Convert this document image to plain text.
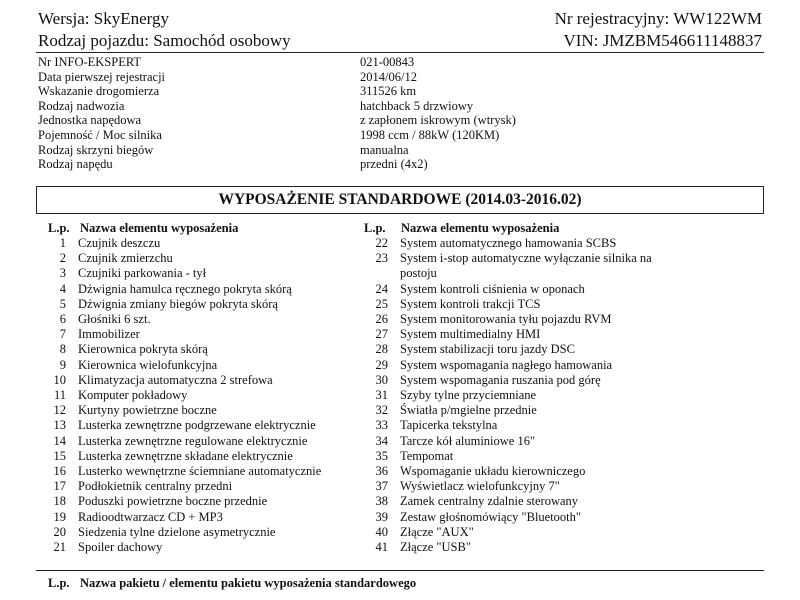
Wersja: SkyEnergy
Rodzaj pojazdu: Samochód osobowy
Nr rejestracyjny: WW122WM
VIN: JMZBM546611148837
Nr INFO-EKSPERT	021-00843
Data pierwszej rejestracji	2014/06/12
Wskazanie drogomierza	311526 km
Rodzaj nadwozia	hatchback 5 drzwiowy
Jednostka napędowa	z zapłonem iskrowym (wtrysk)
Pojemność / Moc silnika	1998 ccm / 88kW (120KM)
Rodzaj skrzyni biegów	manualna
Rodzaj napędu	przedni (4x2)
WYPOSAŻENIE STANDARDOWE (2014.03-2016.02)
L.p. Nazwa elementu wyposażenia	L.p. Nazwa elementu wyposażenia
1 Czujnik deszczu
2 Czujnik zmierzchu
3 Czujniki parkowania - tył
4 Dźwignia hamulca ręcznego pokryta skórą
5 Dźwignia zmiany biegów pokryta skórą
6 Głośniki 6 szt.
7 Immobilizer
8 Kierownica pokryta skórą
9 Kierownica wielofunkcyjna
10 Klimatyzacja automatyczna 2 strefowa
11 Komputer pokładowy
12 Kurtyny powietrzne boczne
13 Lusterka zewnętrzne podgrzewane elektrycznie
14 Lusterka zewnętrzne regulowane elektrycznie
15 Lusterka zewnętrzne składane elektrycznie
16 Lusterko wewnętrzne ściemniane automatycznie
17 Podłokietnik centralny przedni
18 Poduszki powietrzne boczne przednie
19 Radioodtwarzacz CD + MP3
20 Siedzenia tylne dzielone asymetrycznie
21 Spoiler dachowy
22 System automatycznego hamowania SCBS
23 System i-stop automatyczne wyłączanie silnika na postoju
24 System kontroli ciśnienia w oponach
25 System kontroli trakcji TCS
26 System monitorowania tyłu pojazdu RVM
27 System multimedialny HMI
28 System stabilizacji toru jazdy DSC
29 System wspomagania nagłego hamowania
30 System wspomagania ruszania pod górę
31 Szyby tylne przyciemniane
32 Światła p/mgielne przednie
33 Tapicerka tekstylna
34 Tarcze kół aluminiowe 16"
35 Tempomat
36 Wspomaganie układu kierowniczego
37 Wyświetlacz wielofunkcyjny 7"
38 Zamek centralny zdalnie sterowany
39 Zestaw głośnomówiący "Bluetooth"
40 Złącze "AUX"
41 Złącze "USB"
L.p. Nazwa pakietu / elementu pakietu wyposażenia standardowego
